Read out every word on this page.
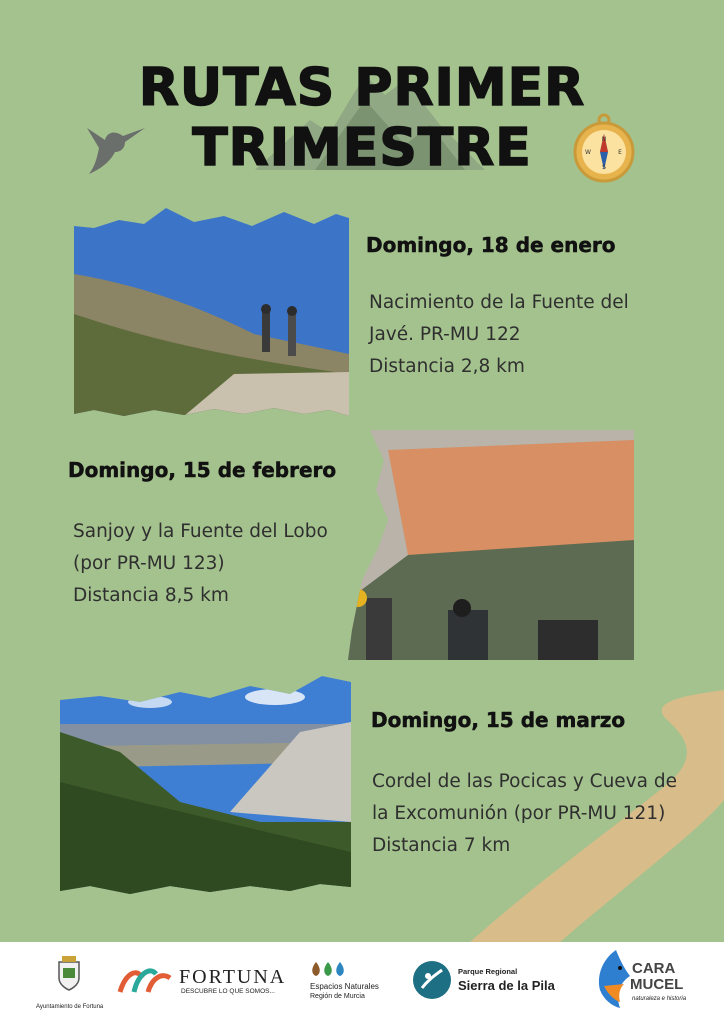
N
S
E
W
RUTAS PRIMER
TRIMESTRE
Domingo, 18 de enero
Nacimiento de la Fuente del
Javé. PR-MU 122
Distancia 2,8 km
Domingo, 15 de febrero
Sanjoy y la Fuente del Lobo
(por PR-MU 123)
Distancia 8,5 km
Domingo, 15 de marzo
Cordel de las Pocicas y Cueva de
la Excomunión (por PR-MU 121)
Distancia 7 km
Ayuntamiento de Fortuna
FORTUNA
DESCUBRE LO QUE SOMOS...
Espacios Naturales
Región de Murcia
Parque Regional
Sierra de la Pila
CARA
MUCEL
naturaleza e historia
